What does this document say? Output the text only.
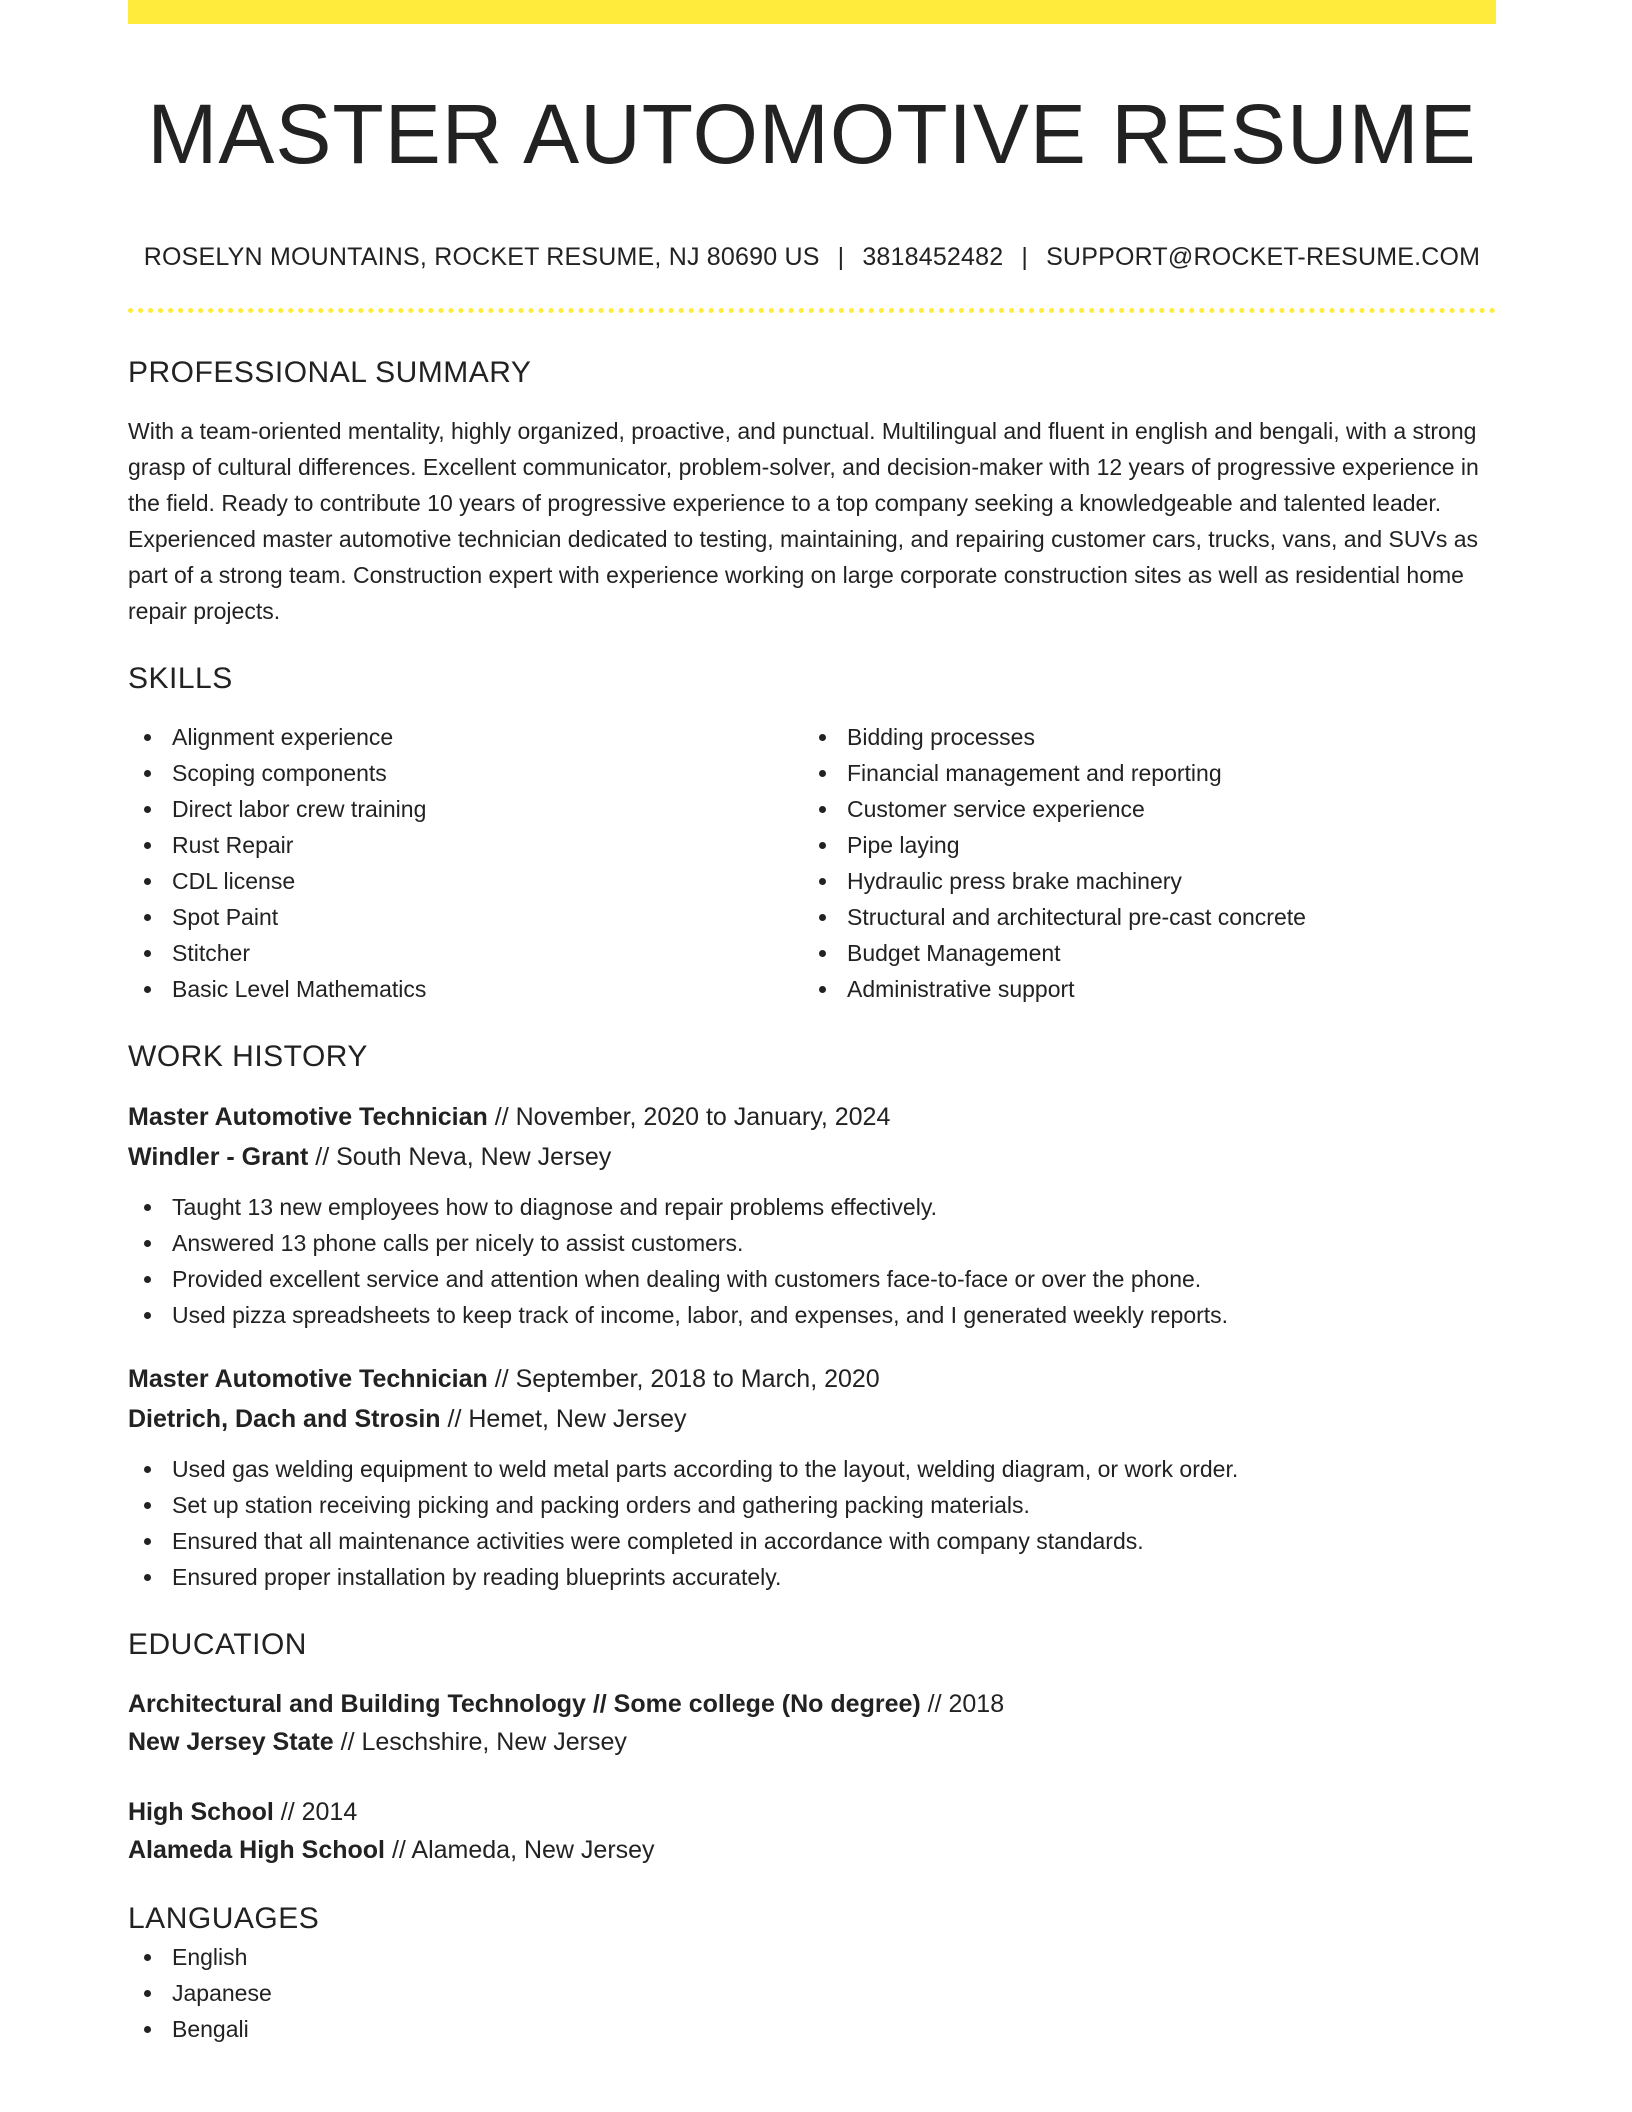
MASTER AUTOMOTIVE RESUME
ROSELYN MOUNTAINS, ROCKET RESUME, NJ 80690 US | 3818452482 | SUPPORT@ROCKET-RESUME.COM
PROFESSIONAL SUMMARY

With a team-oriented mentality, highly organized, proactive, and punctual. Multilingual and fluent in english and bengali, with a strong grasp of cultural differences. Excellent communicator, problem-solver, and decision-maker with 12 years of progressive experience in the field. Ready to contribute 10 years of progressive experience to a top company seeking a knowledgeable and talented leader. Experienced master automotive technician dedicated to testing, maintaining, and repairing customer cars, trucks, vans, and SUVs as part of a strong team. Construction expert with experience working on large corporate construction sites as well as residential home repair projects.

SKILLS
Alignment experience
Scoping components
Direct labor crew training
Rust Repair
CDL license
Spot Paint
Stitcher
Basic Level Mathematics
Bidding processes
Financial management and reporting
Customer service experience
Pipe laying
Hydraulic press brake machinery
Structural and architectural pre-cast concrete
Budget Management
Administrative support
WORK HISTORY
Master Automotive Technician // November, 2020 to January, 2024
Windler - Grant // South Neva, New Jersey
Taught 13 new employees how to diagnose and repair problems effectively.
Answered 13 phone calls per nicely to assist customers.
Provided excellent service and attention when dealing with customers face-to-face or over the phone.
Used pizza spreadsheets to keep track of income, labor, and expenses, and I generated weekly reports.
Master Automotive Technician // September, 2018 to March, 2020
Dietrich, Dach and Strosin // Hemet, New Jersey
Used gas welding equipment to weld metal parts according to the layout, welding diagram, or work order.
Set up station receiving picking and packing orders and gathering packing materials.
Ensured that all maintenance activities were completed in accordance with company standards.
Ensured proper installation by reading blueprints accurately.
EDUCATION
Architectural and Building Technology // Some college (No degree) // 2018
New Jersey State // Leschshire, New Jersey
High School // 2014
Alameda High School // Alameda, New Jersey
LANGUAGES
English
Japanese
Bengali
